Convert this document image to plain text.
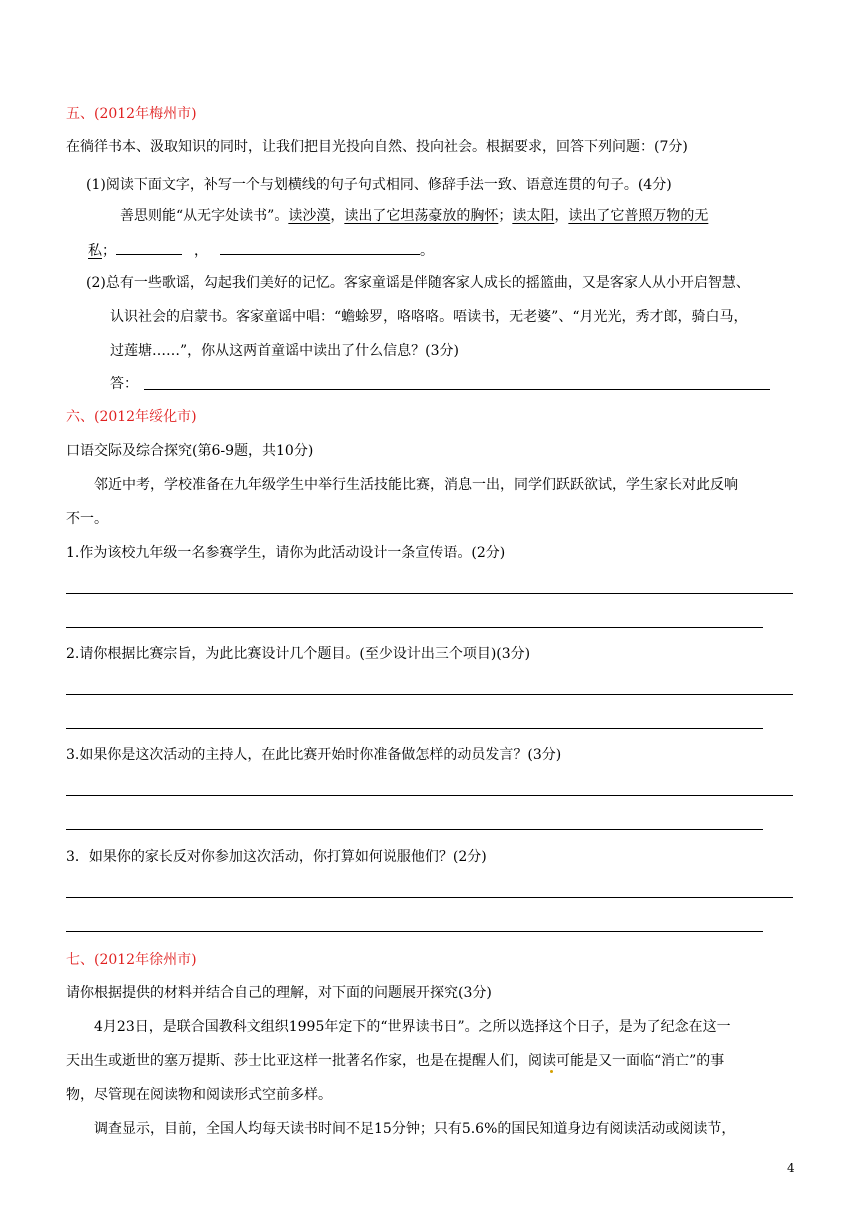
五、(2012年梅州市)
在徜徉书本、汲取知识的同时，让我们把目光投向自然、投向社会。根据要求，回答下列问题：(7分)
(1)阅读下面文字，补写一个与划横线的句子句式相同、修辞手法一致、语意连贯的句子。(4分)
善思则能“从无字处读书”。读沙漠，读出了它坦荡豪放的胸怀；读太阳，读出了它普照万物的无
私；	，	。
(2)总有一些歌谣，勾起我们美好的记忆。客家童谣是伴随客家人成长的摇篮曲，又是客家人从小开启智慧、
认识社会的启蒙书。客家童谣中唱：“蟾蜍罗，咯咯咯。唔读书，无老婆”、“月光光，秀才郎，骑白马，
过莲塘……”，你从这两首童谣中读出了什么信息？(3分)
答：
六、(2012年绥化市)
口语交际及综合探究(第6-9题，共10分)
邻近中考，学校准备在九年级学生中举行生活技能比赛，消息一出，同学们跃跃欲试，学生家长对此反响
不一。
1.作为该校九年级一名参赛学生，请你为此活动设计一条宣传语。(2分)
2.请你根据比赛宗旨，为此比赛设计几个题目。(至少设计出三个项目)(3分)
3.如果你是这次活动的主持人，在此比赛开始时你准备做怎样的动员发言？(3分)
3．如果你的家长反对你参加这次活动，你打算如何说服他们？(2分)
七、(2012年徐州市)
请你根据提供的材料并结合自己的理解，对下面的问题展开探究(3分)
4月23日，是联合国教科文组织1995年定下的“世界读书日”。之所以选择这个日子，是为了纪念在这一
天出生或逝世的塞万提斯、莎士比亚这样一批著名作家，也是在提醒人们，阅读可能是又一面临“消亡”的事
物，尽管现在阅读物和阅读形式空前多样。
调查显示，目前，全国人均每天读书时间不足15分钟；只有5.6%的国民知道身边有阅读活动或阅读节，
4
